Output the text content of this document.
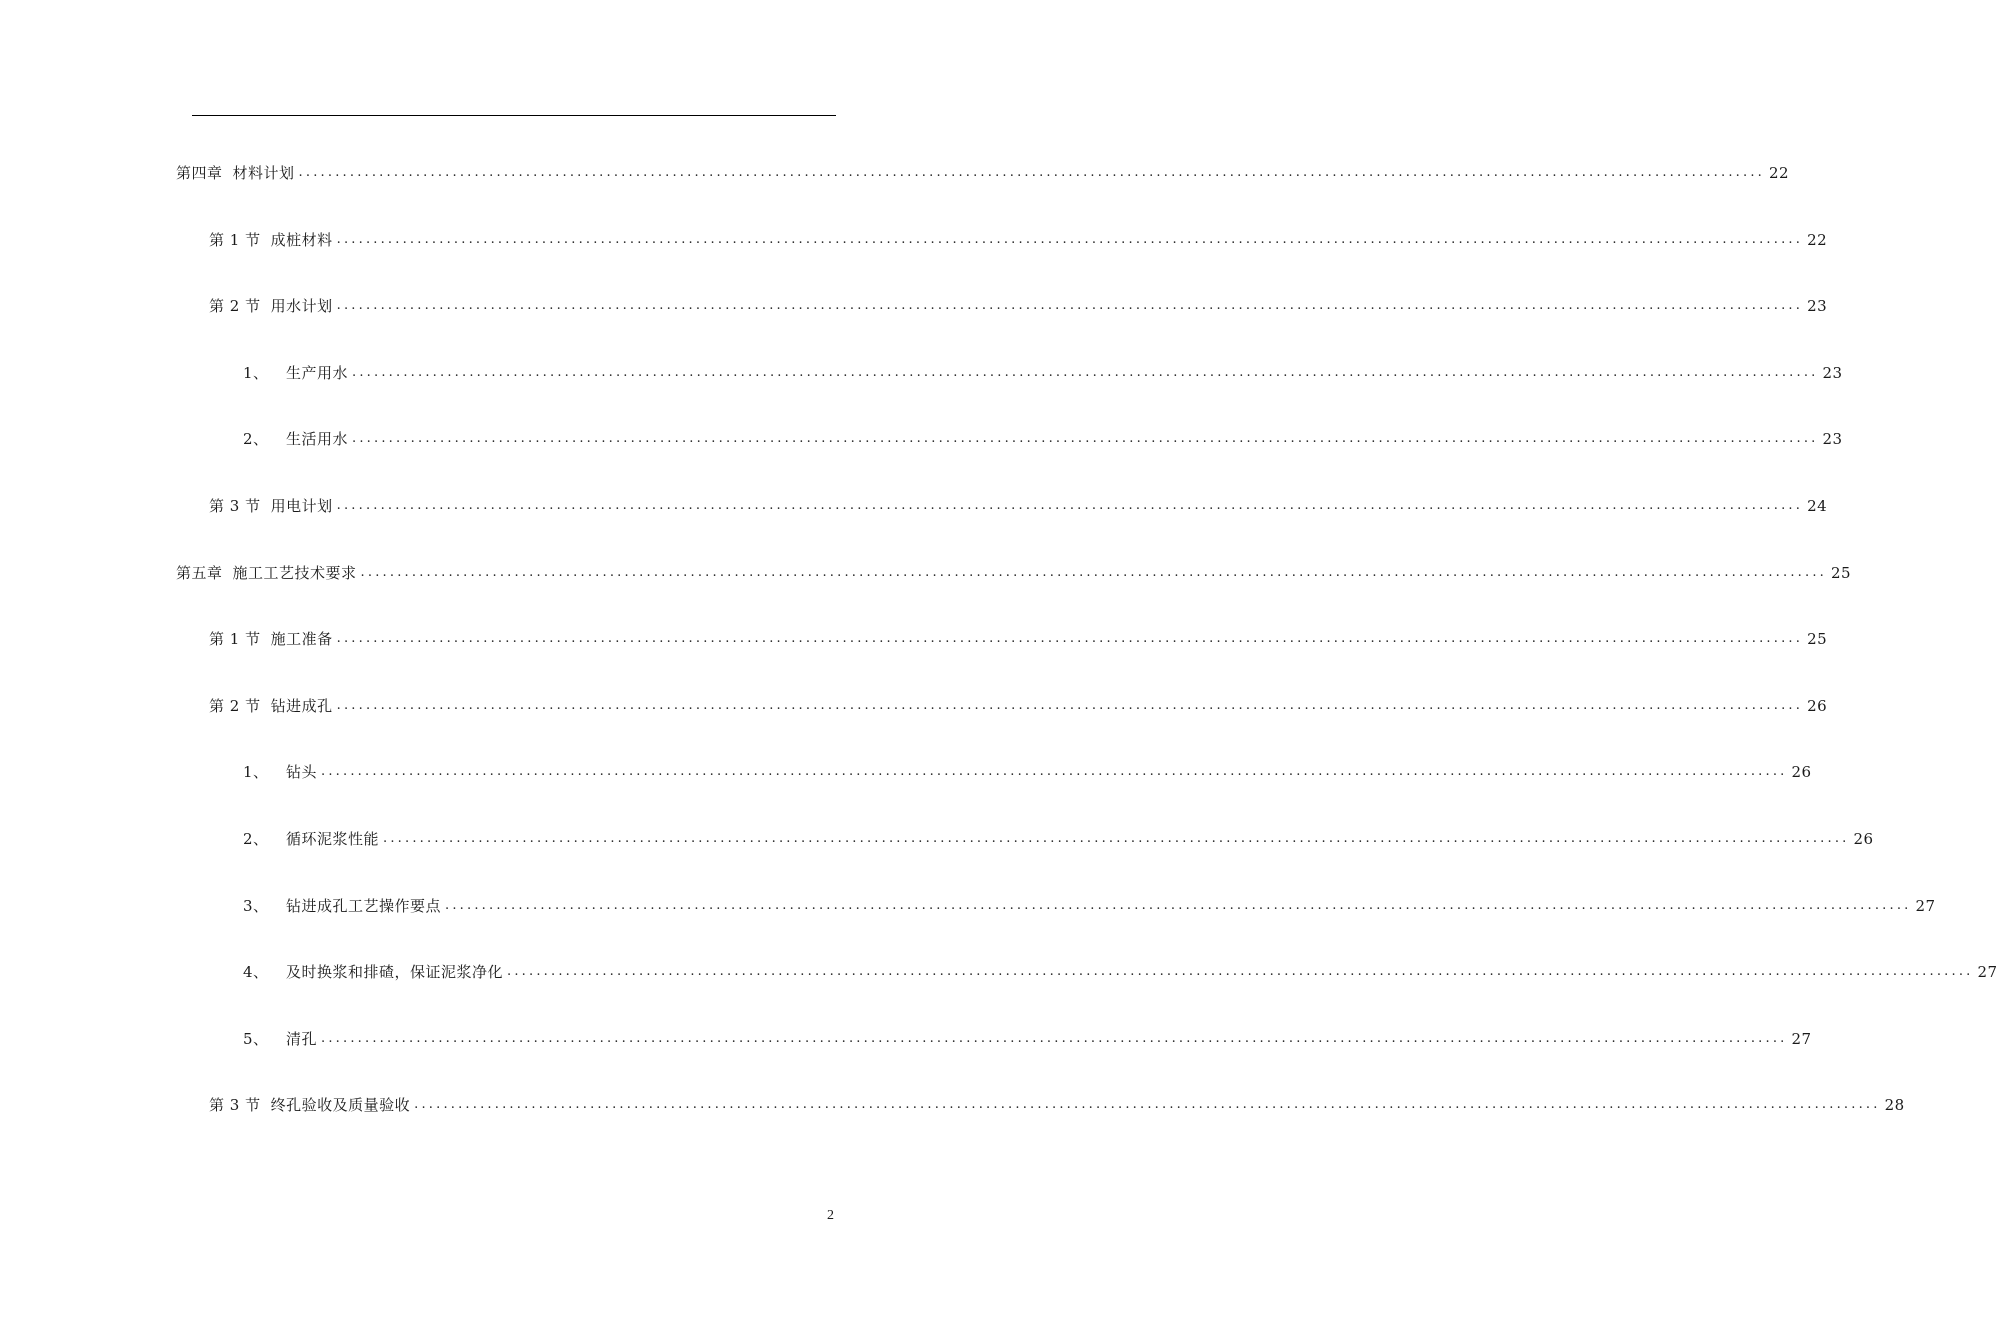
第四章 材料计划 ........................................................................................................................................................................................................ 22
第 1 节 成桩材料 ........................................................................................................................................................................................................ 22
第 2 节 用水计划 ........................................................................................................................................................................................................ 23
1、	生产用水 ........................................................................................................................................................................................................ 23
2、	生活用水 ........................................................................................................................................................................................................ 23
第 3 节 用电计划 ........................................................................................................................................................................................................ 24
第五章 施工工艺技术要求 ........................................................................................................................................................................................................ 25
第 1 节 施工准备 ........................................................................................................................................................................................................ 25
第 2 节 钻进成孔 ........................................................................................................................................................................................................ 26
1、	钻头 ........................................................................................................................................................................................................ 26
2、	循环泥浆性能 ........................................................................................................................................................................................................ 26
3、	钻进成孔工艺操作要点 ........................................................................................................................................................................................................ 27
4、	及时换浆和排碴，保证泥浆净化 ........................................................................................................................................................................................................ 27
5、	清孔 ........................................................................................................................................................................................................ 27
第 3 节 终孔验收及质量验收 ........................................................................................................................................................................................................ 28
2
